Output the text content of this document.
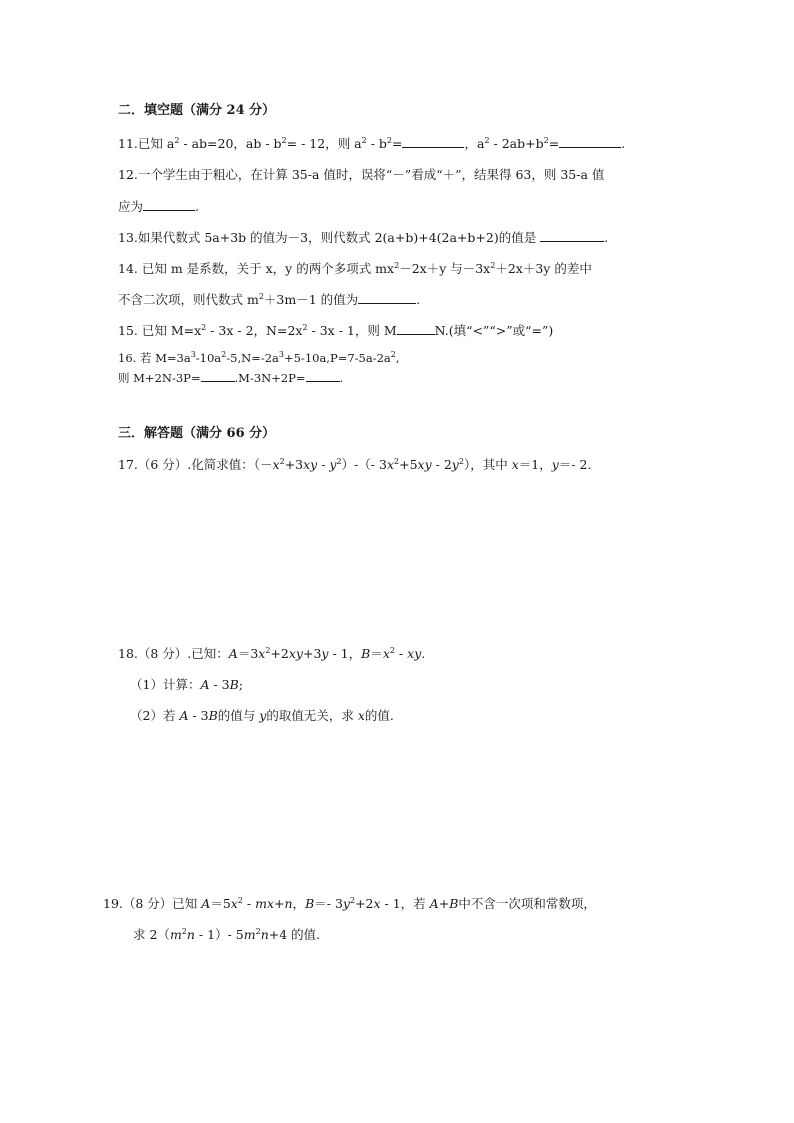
二．填空题（满分 24 分）
11.已知 $a^2 - ab=20$，ab - $b^2= - 12$，则 $a^2 - b^2=$	，$a^2 - 2ab+b^2=$	.
12.一个学生由于粗心，在计算 35-a 值时，误将“－”看成“＋”，结果得 63，则 35-a 值
应为	.
13.如果代数式 5a+3b 的值为－3，则代数式 2(a+b)+4(2a+b+2)的值是	.
14. 已知 m 是系数，关于 x，y 的两个多项式 $mx^2-2x+y$ 与$-3x^2+2x+3y$ 的差中
不含二次项，则代数式 $m^2+3m-1$ 的值为	.
15. 已知 $M=x^2 - 3x - 2$，$N=2x^2 - 3x - 1$，则 M	N.(填“<”“>”或“=”)
16. 若 $M=3a^3-10a^2-5,N=-2a^3+5-10a,P=7-5a-2a^2$,
则 M+2N-3P=	.M-3N+2P=	.
三．解答题（满分 66 分）
17.（6 分）.化简求值：$(-x^2+3xy - y^2)-(-$ $3x^2+5xy - 2y^2$），其中 x＝1，y＝- 2.
18.（8 分）.已知：$A=3x^2+2xy+3y - 1$，$B=x^2$ - xy.
（1）计算：A - 3B;
（2）若 A - 3B的值与 y的取值无关，求 x的值.
19.（8 分）已知 $A=5x^2 - mx+n$，B＝- $3y^2+2x - 1$，若 A+B中不含一次项和常数项，
求 $2(m^2n - 1)-$ $5m^2n+4$ 的值.
